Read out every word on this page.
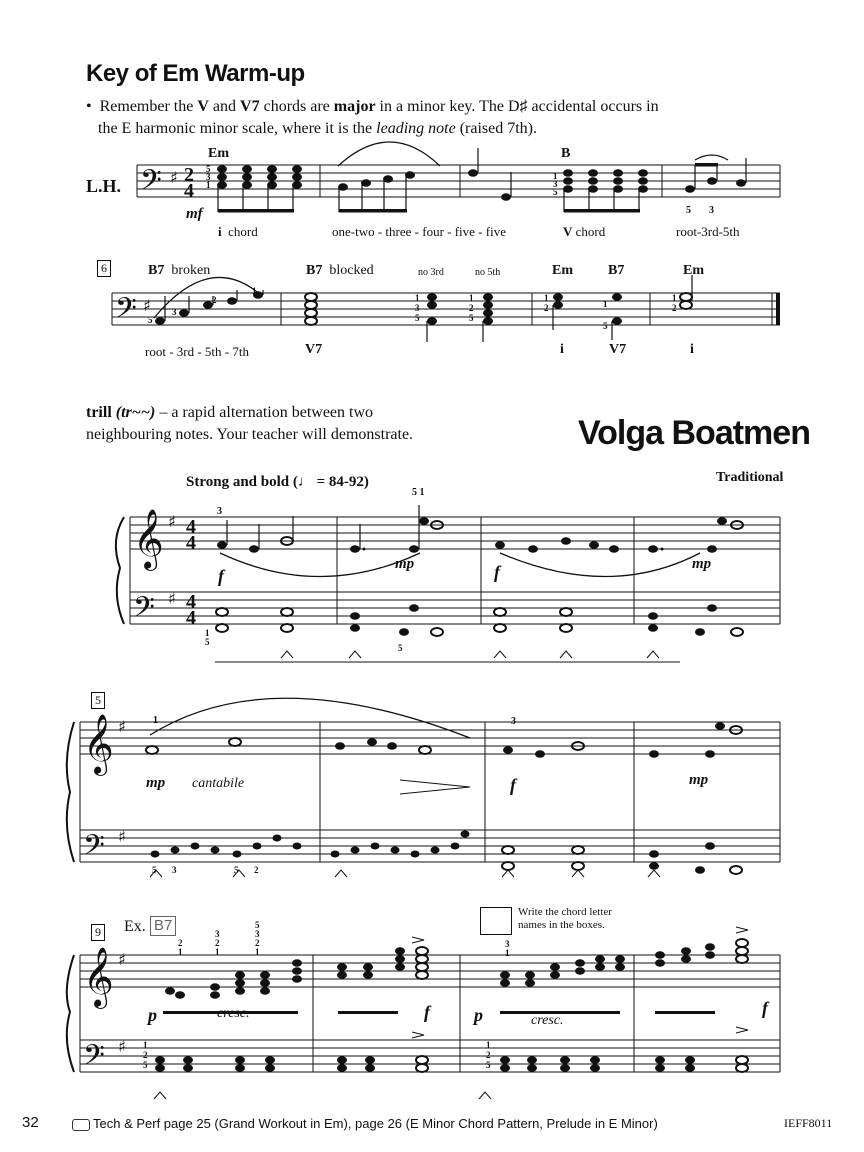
𝄢
𝄢
𝄞
𝄢
𝄞
𝄢
𝄞
𝄢
♯
♯
♯
♯
♯
♯
♯
♯
2
4
4
4
4
4
Key of Em Warm-up
• Remember the V and V7 chords are major in a minor key. The D♯ accidental occurs in
the E harmonic minor scale, where it is the leading note (raised 7th).
L.H.
Em	B
mf
i chord	one-two - three - four - five - five	V chord	root-3rd-5th
5
3
1
1
3
5
5 3
6	B7 broken	B7 blocked	no 3rd	no 5th	Em	B7	Em
root - 3rd - 5th - 7th	V7	i	V7	i
5
3
2
1
1
3
5
1
2
5
1
2	1
5
1
2
trill (tr~~) – a rapid alternation between two
neighbouring notes. Your teacher will demonstrate.	Volga Boatmen
Strong and bold (♩ = 84-92)	Traditional
f
mp	f	mp
3
5 1
1
5
5
5
mp cantabile	f	mp
1	3
5 3	5 2
9 Ex. B7
Write the chord letter
names in the boxes.
p	cresc.	f p	cresc.
f
2
1
3
2
1
5
3
2
1
3
1
1
2
5
1
2
5
32	Tech & Perf page 25 (Grand Workout in Em), page 26 (E Minor Chord Pattern, Prelude in E Minor)	IEFF8011
